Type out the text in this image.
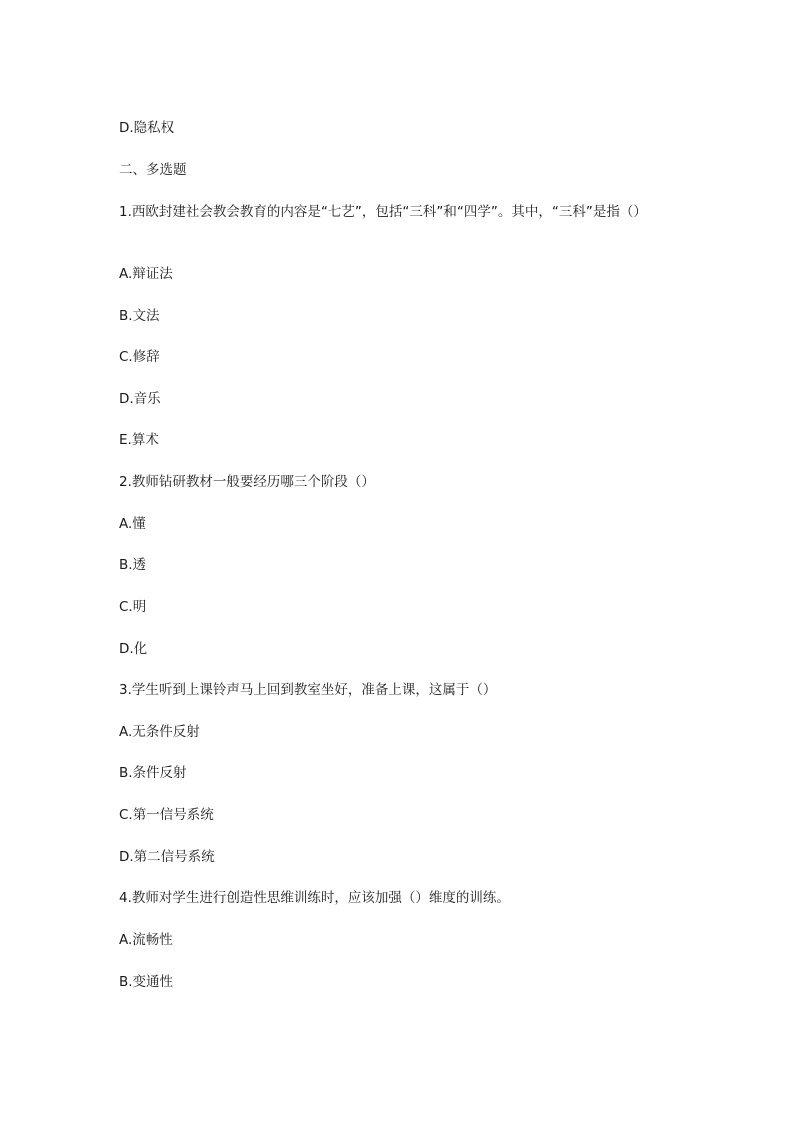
D.隐私权
二、多选题
1.西欧封建社会教会教育的内容是“七艺”，包括“三科”和“四学”。其中，“三科”是指（）
A.辩证法
B.文法
C.修辞
D.音乐
E.算术
2.教师钻研教材一般要经历哪三个阶段（）
A.懂
B.透
C.明
D.化
3.学生听到上课铃声马上回到教室坐好，准备上课，这属于（）
A.无条件反射
B.条件反射
C.第一信号系统
D.第二信号系统
4.教师对学生进行创造性思维训练时，应该加强（）维度的训练。
A.流畅性
B.变通性
